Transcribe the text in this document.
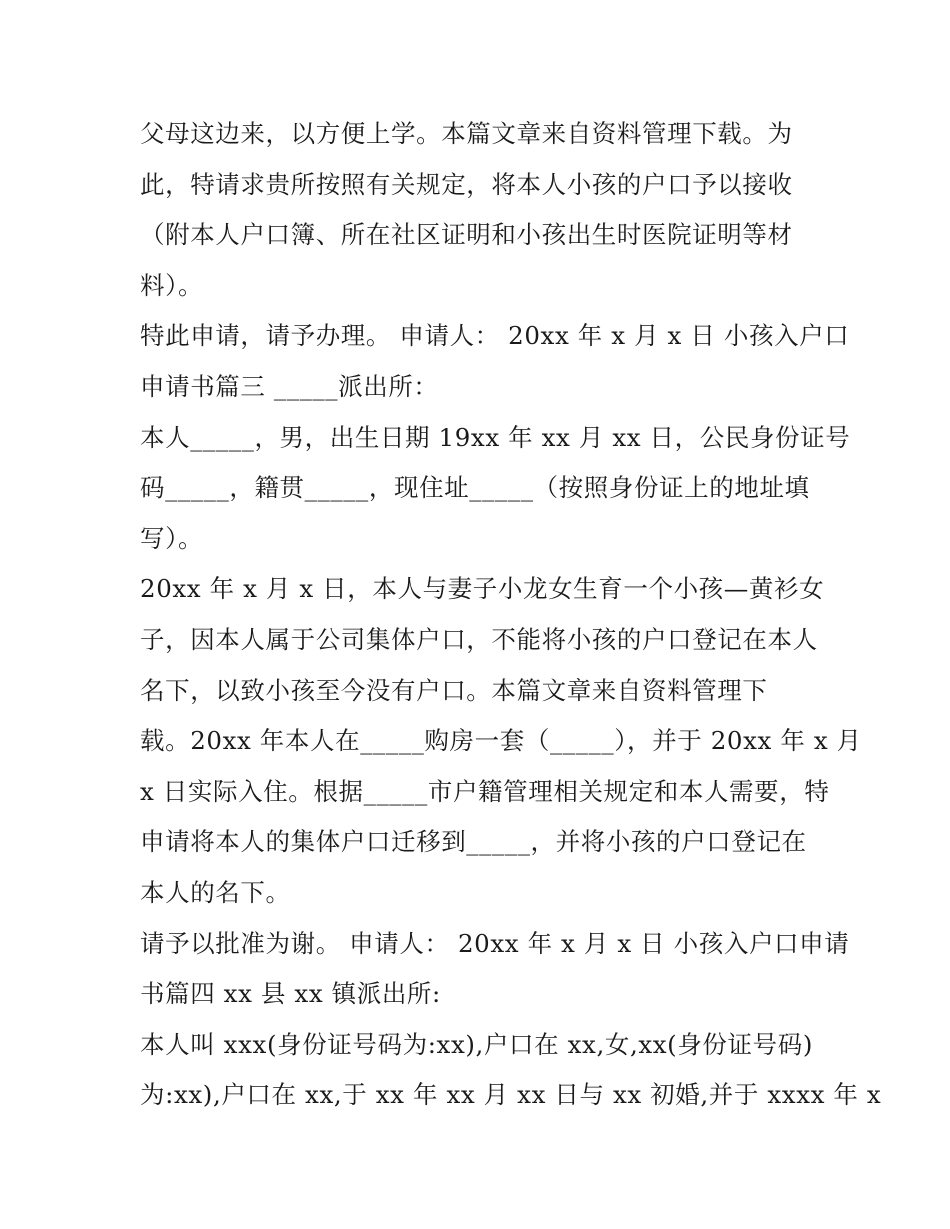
父母这边来，以方便上学。本篇文章来自资料管理下载。为
此，特请求贵所按照有关规定，将本人小孩的户口予以接收
（附本人户口簿、所在社区证明和小孩出生时医院证明等材
料）。
特此申请，请予办理。 申请人： 20xx 年 x 月 x 日 小孩入户口
申请书篇三 _____派出所：
本人_____，男，出生日期 19xx 年 xx 月 xx 日，公民身份证号
码_____，籍贯_____，现住址_____（按照身份证上的地址填
写）。
20xx 年 x 月 x 日，本人与妻子小龙女生育一个小孩—黄衫女
子，因本人属于公司集体户口，不能将小孩的户口登记在本人
名下，以致小孩至今没有户口。本篇文章来自资料管理下
载。20xx 年本人在_____购房一套（_____），并于 20xx 年 x 月
x 日实际入住。根据_____市户籍管理相关规定和本人需要，特
申请将本人的集体户口迁移到_____，并将小孩的户口登记在
本人的名下。
请予以批准为谢。 申请人： 20xx 年 x 月 x 日 小孩入户口申请
书篇四 xx 县 xx 镇派出所:
本人叫 xxx(身份证号码为:xx),户口在 xx,女,xx(身份证号码)
为:xx),户口在 xx,于 xx 年 xx 月 xx 日与 xx 初婚,并于 xxxx 年 x
